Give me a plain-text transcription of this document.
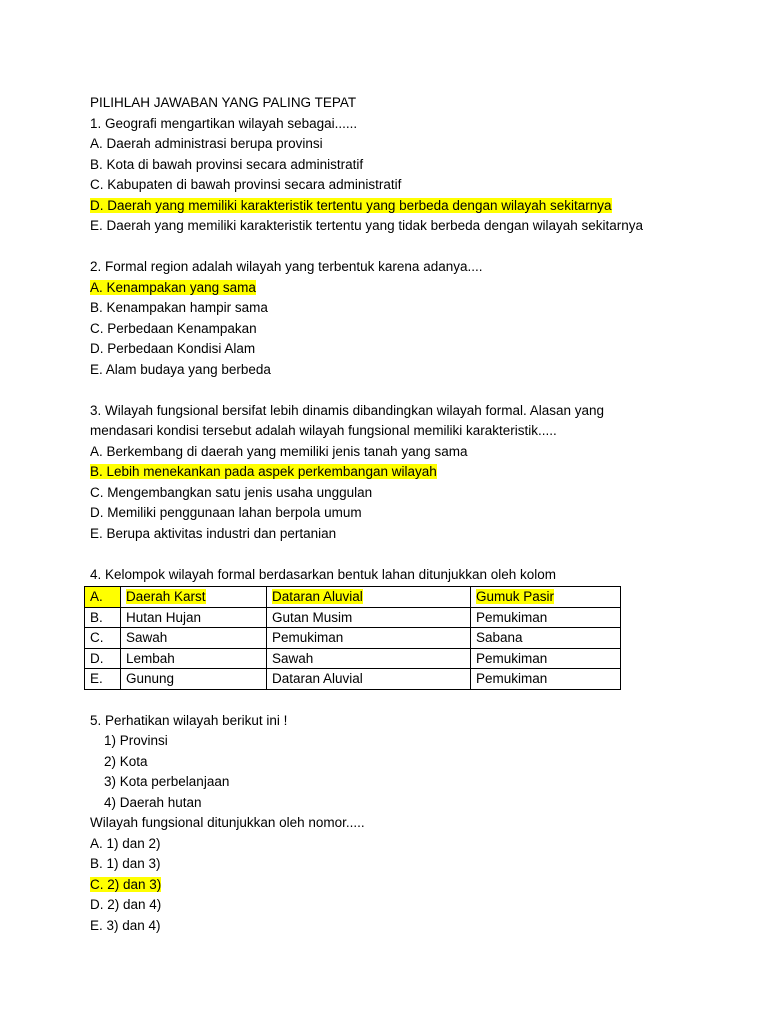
PILIHLAH JAWABAN YANG PALING TEPAT
1. Geografi mengartikan wilayah sebagai......
A. Daerah administrasi berupa provinsi
B. Kota di bawah provinsi secara administratif
C. Kabupaten di bawah provinsi secara administratif
D. Daerah yang memiliki karakteristik tertentu yang berbeda dengan wilayah sekitarnya
E. Daerah yang memiliki karakteristik tertentu yang tidak berbeda dengan wilayah sekitarnya
2. Formal region adalah wilayah yang terbentuk karena adanya....
A. Kenampakan yang sama
B. Kenampakan hampir sama
C. Perbedaan Kenampakan
D. Perbedaan Kondisi Alam
E. Alam budaya yang berbeda
3. Wilayah fungsional bersifat lebih dinamis dibandingkan wilayah formal. Alasan yang
mendasari kondisi tersebut adalah wilayah fungsional memiliki karakteristik.....
A. Berkembang di daerah yang memiliki jenis tanah yang sama
B. Lebih menekankan pada aspek perkembangan wilayah
C. Mengembangkan satu jenis usaha unggulan
D. Memiliki penggunaan lahan berpola umum
E. Berupa aktivitas industri dan pertanian
4. Kelompok wilayah formal berdasarkan bentuk lahan ditunjukkan oleh kolom
A.	Daerah Karst	Dataran Aluvial	Gumuk Pasir
B.	Hutan Hujan	Gutan Musim	Pemukiman
C.	Sawah	Pemukiman	Sabana
D.	Lembah	Sawah	Pemukiman
E.	Gunung	Dataran Aluvial	Pemukiman
5. Perhatikan wilayah berikut ini !
1) Provinsi
2) Kota
3) Kota perbelanjaan
4) Daerah hutan
Wilayah fungsional ditunjukkan oleh nomor.....
A. 1) dan 2)
B. 1) dan 3)
C. 2) dan 3)
D. 2) dan 4)
E. 3) dan 4)
